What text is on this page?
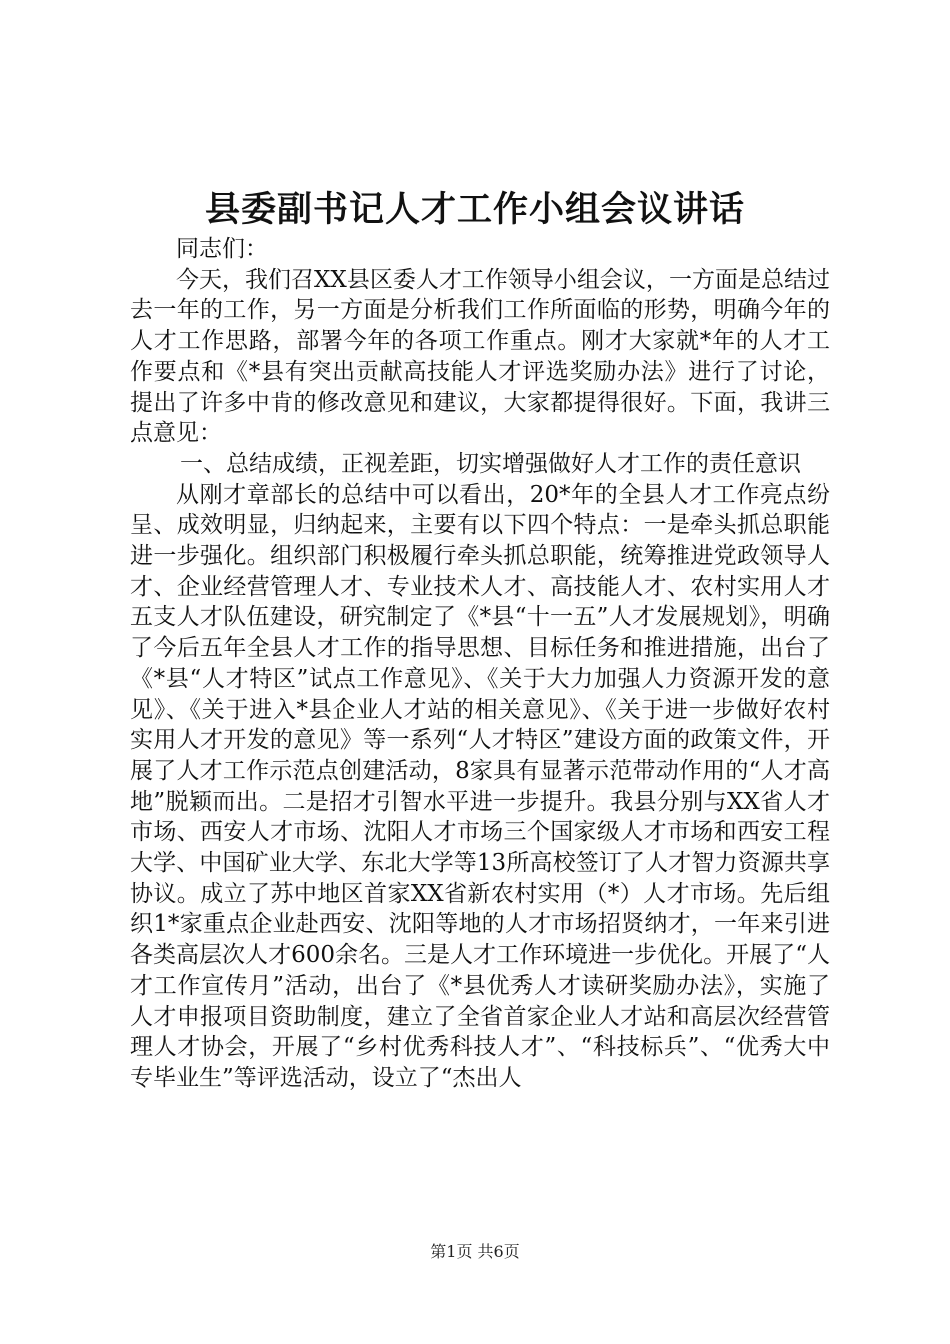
县委副书记人才工作小组会议讲话

同志们：

今天，我们召XX县区委人才工作领导小组会议，一方面是总结过去一年的工作，另一方面是分析我们工作所面临的形势，明确今年的人才工作思路，部署今年的各项工作重点。刚才大家就*年的人才工作要点和《*县有突出贡献高技能人才评选奖励办法》进行了讨论，提出了许多中肯的修改意见和建议，大家都提得很好。下面，我讲三点意见：

一、总结成绩，正视差距，切实增强做好人才工作的责任意识

从刚才章部长的总结中可以看出，20*年的全县人才工作亮点纷呈、成效明显，归纳起来，主要有以下四个特点：一是牵头抓总职能进一步强化。组织部门积极履行牵头抓总职能，统筹推进党政领导人才、企业经营管理人才、专业技术人才、高技能人才、农村实用人才五支人才队伍建设，研究制定了《*县“十一五”人才发展规划》，明确了今后五年全县人才工作的指导思想、目标任务和推进措施，出台了《*县“人才特区”试点工作意见》、《关于大力加强人力资源开发的意见》、《关于进入*县企业人才站的相关意见》、《关于进一步做好农村实用人才开发的意见》等一系列“人才特区”建设方面的政策文件，开展了人才工作示范点创建活动，8家具有显著示范带动作用的“人才高地”脱颖而出。二是招才引智水平进一步提升。我县分别与XX省人才市场、西安人才市场、沈阳人才市场三个国家级人才市场和西安工程大学、中国矿业大学、东北大学等13所高校签订了人才智力资源共享协议。成立了苏中地区首家XX省新农村实用（*）人才市场。先后组织1*家重点企业赴西安、沈阳等地的人才市场招贤纳才，一年来引进各类高层次人才600余名。三是人才工作环境进一步优化。开展了“人才工作宣传月”活动，出台了《*县优秀人才读研奖励办法》，实施了人才申报项目资助制度，建立了全省首家企业人才站和高层次经营管理人才协会，开展了“乡村优秀科技人才”、“科技标兵”、“优秀大中专毕业生”等评选活动，设立了“杰出人

第1页 共6页
